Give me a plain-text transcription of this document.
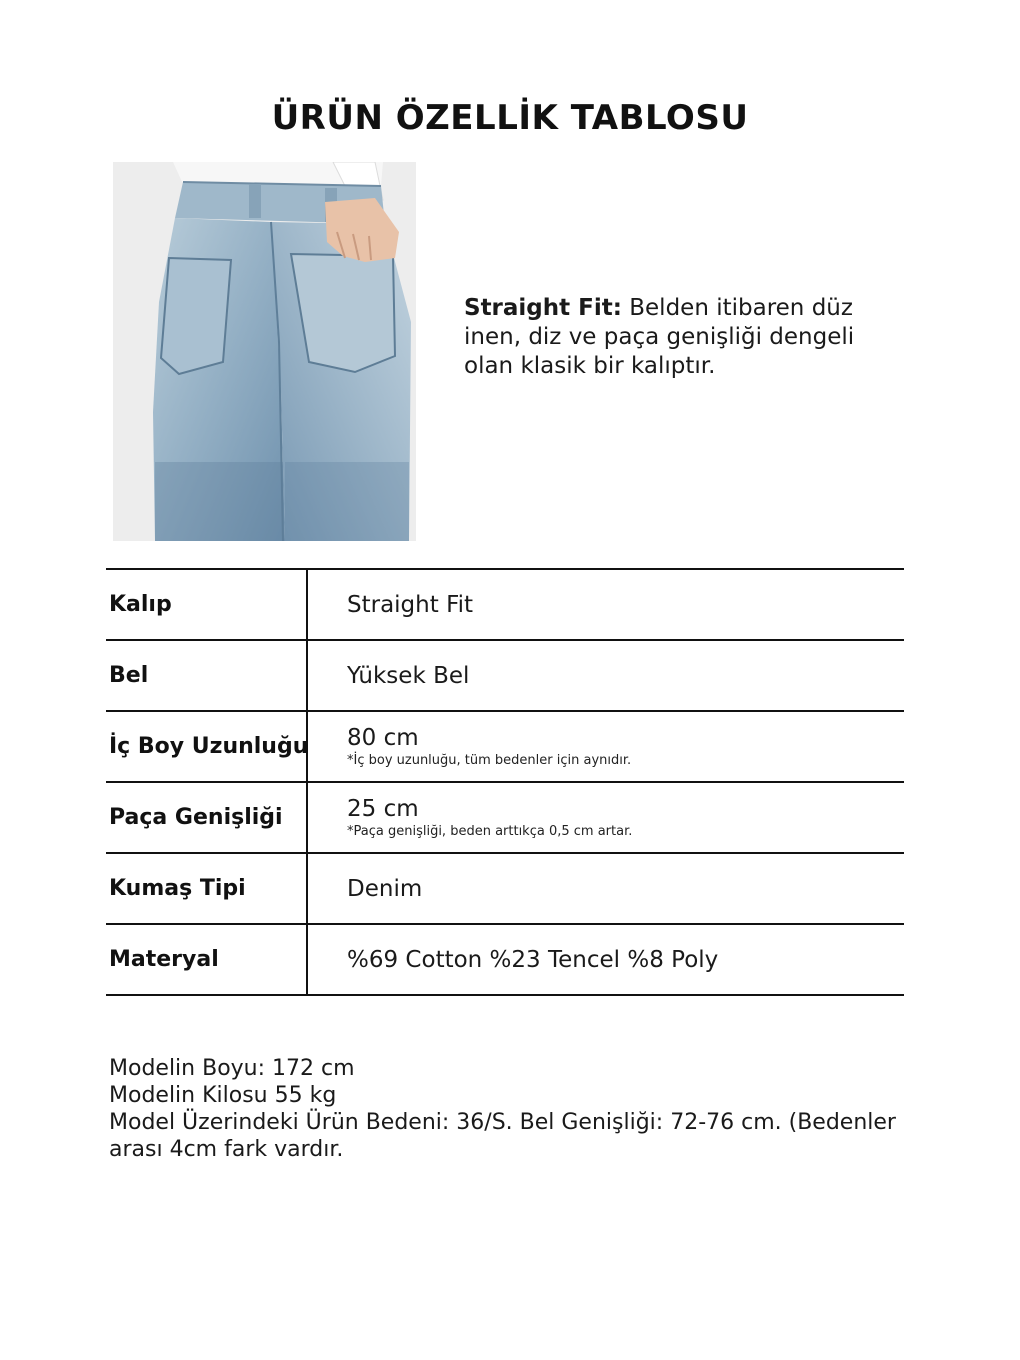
ÜRÜN ÖZELLİK TABLOSU
Straight Fit: Belden itibaren düz inen, diz ve paça genişliği dengeli olan klasik bir kalıptır.
Kalıp	Straight Fit
Bel	Yüksek Bel
İç Boy Uzunluğu 80 cm
*İç boy uzunluğu, tüm bedenler için aynıdır.
Paça Genişliği	25 cm
*Paça genişliği, beden arttıkça 0,5 cm artar.
Kumaş Tipi	Denim
Materyal	%69 Cotton %23 Tencel %8 Poly
Modelin Boyu: 172 cm
Modelin Kilosu 55 kg
Model Üzerindeki Ürün Bedeni: 36/S. Bel Genişliği: 72-76 cm. (Bedenler arası 4cm fark vardır.
